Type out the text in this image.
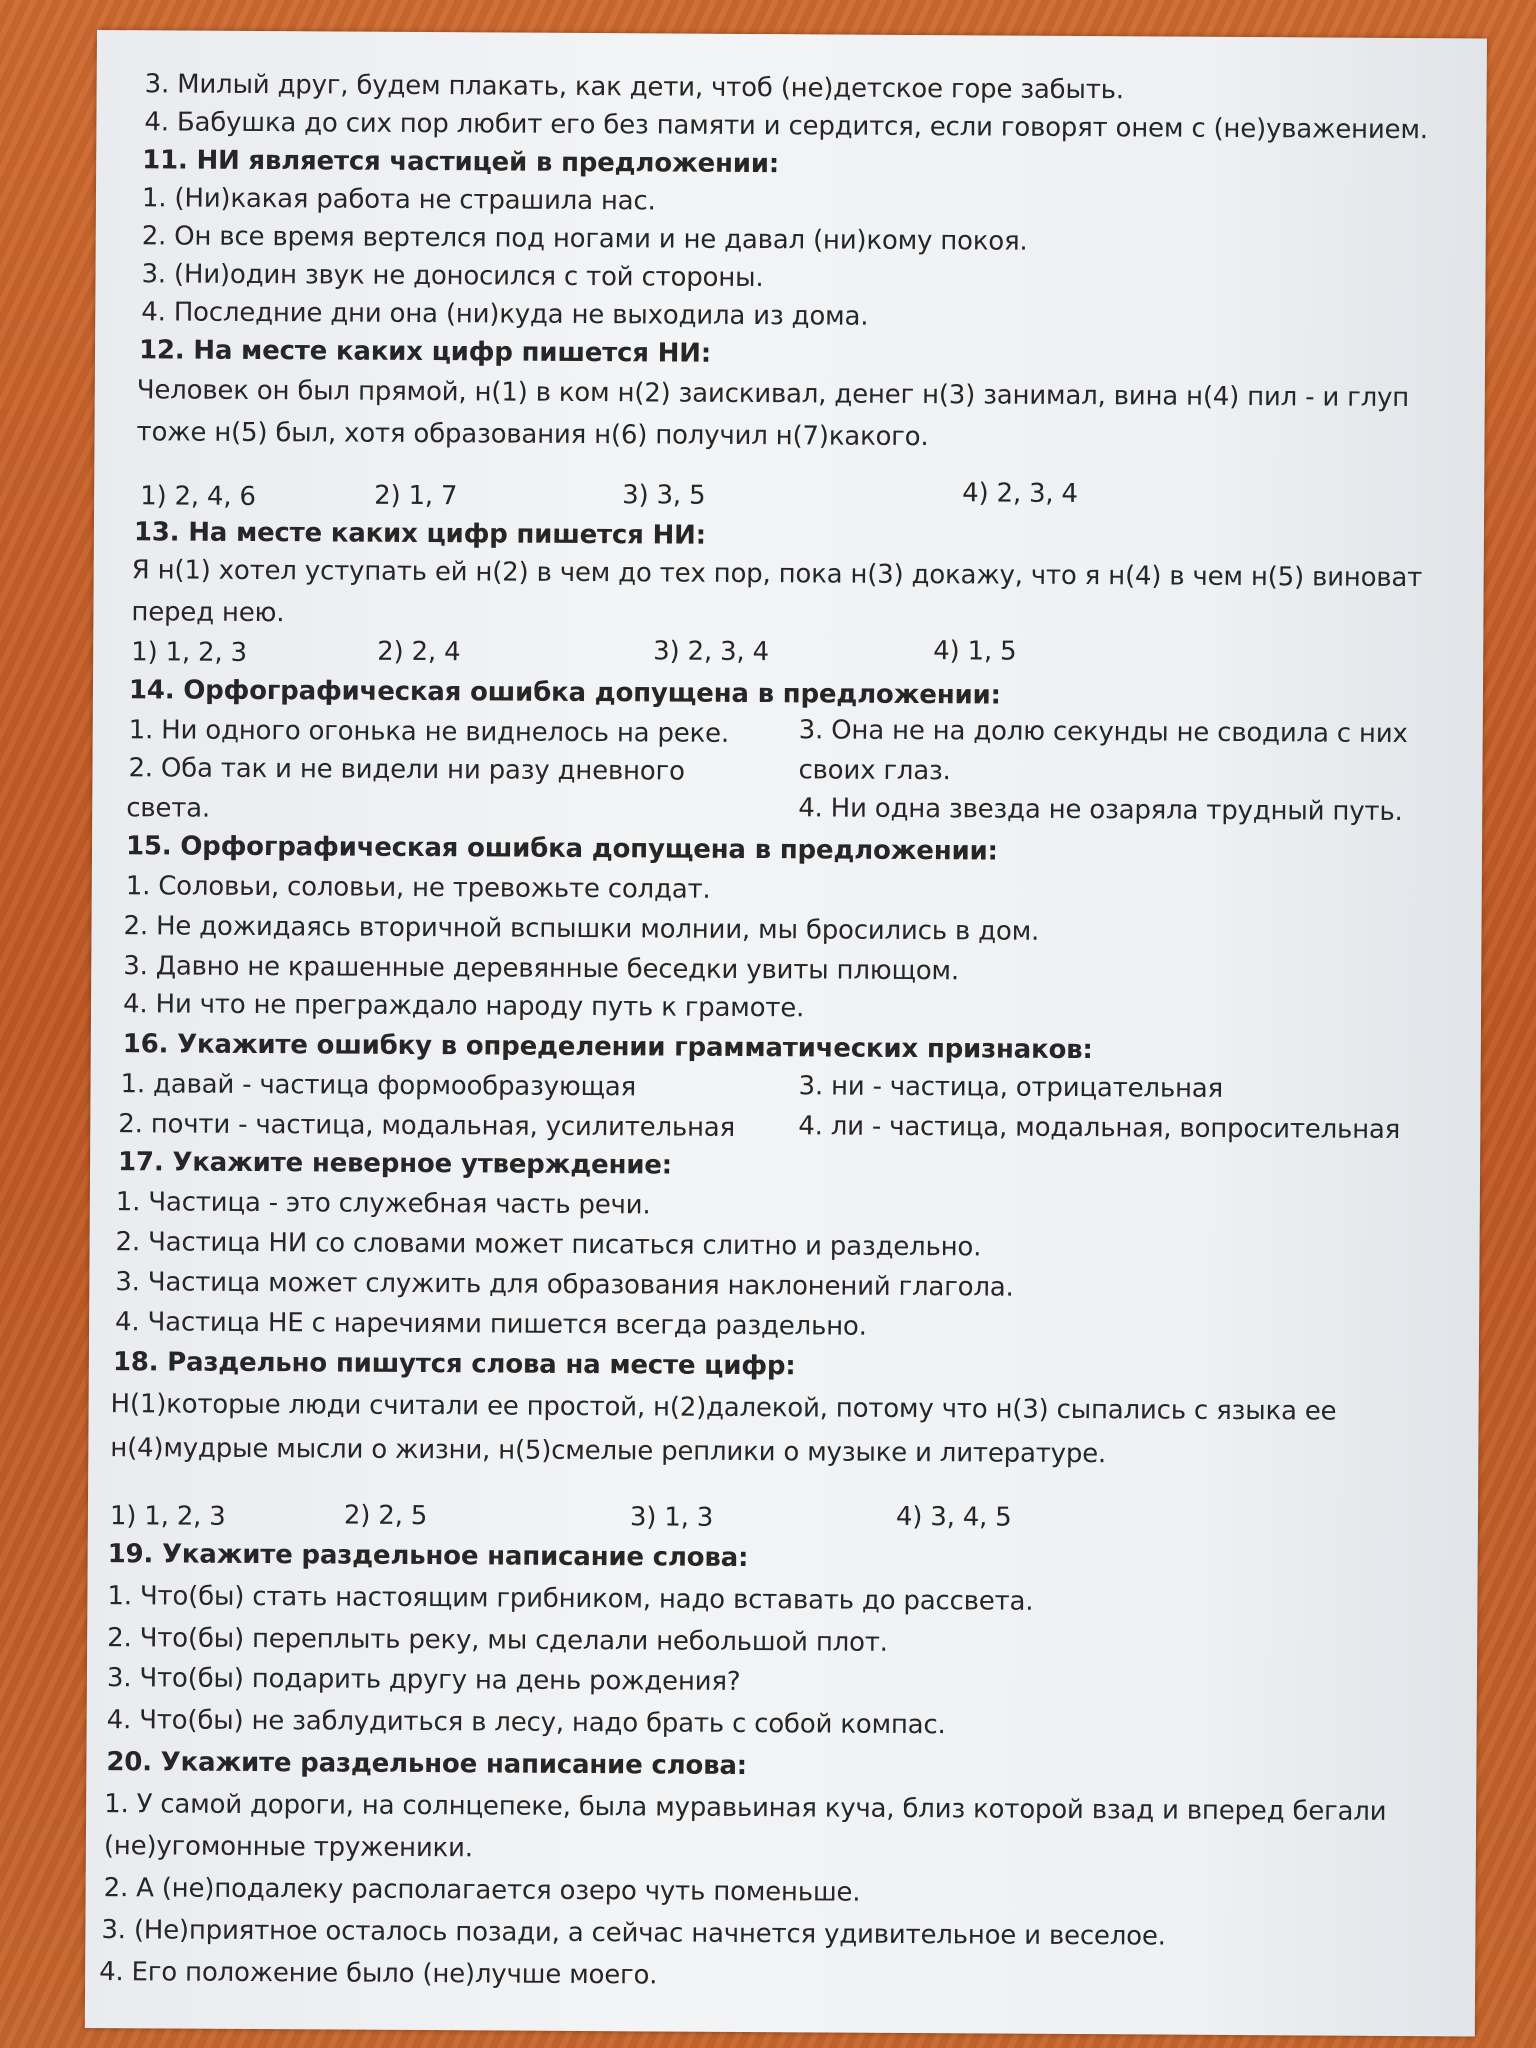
3. Милый друг, будем плакать, как дети, чтоб (не)детское горе забыть.
4. Бабушка до сих пор любит его без памяти и сердится, если говорят онем с (не)уважением.
11. НИ является частицей в предложении:
1. (Ни)какая работа не страшила нас.
2. Он все время вертелся под ногами и не давал (ни)кому покоя.
3. (Ни)один звук не доносился с той стороны.
4. Последние дни она (ни)куда не выходила из дома.
12. На месте каких цифр пишется НИ:
Человек он был прямой, н(1) в ком н(2) заискивал, денег н(3) занимал, вина н(4) пил - и глуп
тоже н(5) был, хотя образования н(6) получил н(7)какого.
1) 2, 4, 6	2) 1, 7	3) 3, 5	4) 2, 3, 4
13. На месте каких цифр пишется НИ:
Я н(1) хотел уступать ей н(2) в чем до тех пор, пока н(3) докажу, что я н(4) в чем н(5) виноват
перед нею.
1) 1, 2, 3	2) 2, 4	3) 2, 3, 4	4) 1, 5
14. Орфографическая ошибка допущена в предложении:
1. Ни одного огонька не виднелось на реке.	3. Она не на долю секунды не сводила с них
2. Оба так и не видели ни разу дневного	своих глаз.
света.	4. Ни одна звезда не озаряла трудный путь.
15. Орфографическая ошибка допущена в предложении:
1. Соловьи, соловьи, не тревожьте солдат.
2. Не дожидаясь вторичной вспышки молнии, мы бросились в дом.
3. Давно не крашенные деревянные беседки увиты плющом.
4. Ни что не преграждало народу путь к грамоте.
16. Укажите ошибку в определении грамматических признаков:
1. давай - частица формообразующая	3. ни - частица, отрицательная
2. почти - частица, модальная, усилительная 4. ли - частица, модальная, вопросительная
17. Укажите неверное утверждение:
1. Частица - это служебная часть речи.
2. Частица НИ со словами может писаться слитно и раздельно.
3. Частица может служить для образования наклонений глагола.
4. Частица НЕ с наречиями пишется всегда раздельно.
18. Раздельно пишутся слова на месте цифр:
Н(1)которые люди считали ее простой, н(2)далекой, потому что н(3) сыпались с языка ее
н(4)мудрые мысли о жизни, н(5)смелые реплики о музыке и литературе.
1) 1, 2, 3	2) 2, 5	3) 1, 3	4) 3, 4, 5
19. Укажите раздельное написание слова:
1. Что(бы) стать настоящим грибником, надо вставать до рассвета.
2. Что(бы) переплыть реку, мы сделали небольшой плот.
3. Что(бы) подарить другу на день рождения?
4. Что(бы) не заблудиться в лесу, надо брать с собой компас.
20. Укажите раздельное написание слова:
1. У самой дороги, на солнцепеке, была муравьиная куча, близ которой взад и вперед бегали
(не)угомонные труженики.
2. А (не)подалеку располагается озеро чуть поменьше.
3. (Не)приятное осталось позади, а сейчас начнется удивительное и веселое.
4. Его положение было (не)лучше моего.
